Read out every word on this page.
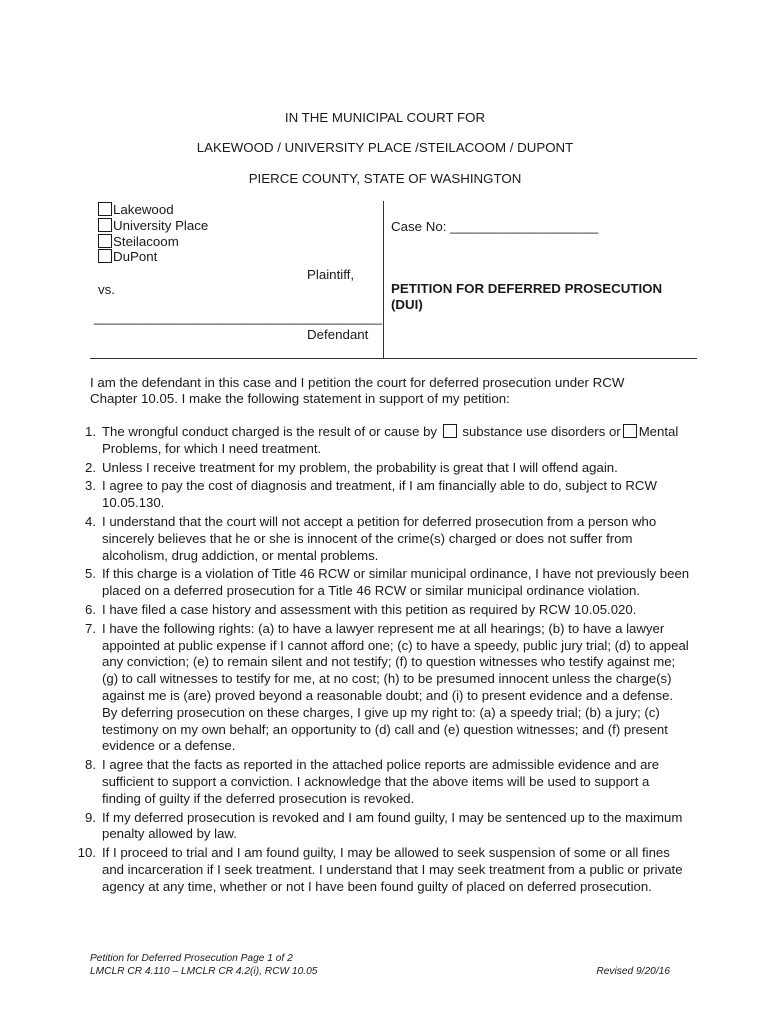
IN THE MUNICIPAL COURT FOR
LAKEWOOD / UNIVERSITY PLACE /STEILACOOM / DUPONT
PIERCE COUNTY, STATE OF WASHINGTON
Lakewood
University Place
Steilacoom
DuPont
Plaintiff,
vs.
________________________________________
Defendant
Case No: ____________________
PETITION FOR DEFERRED PROSECUTION
(DUI)
I am the defendant in this case and I petition the court for deferred prosecution under RCW
Chapter 10.05. I make the following statement in support of my petition:
1. The wrongful conduct charged is the result of or cause by substance use disorders or Mental Problems, for which I need treatment.
2. Unless I receive treatment for my problem, the probability is great that I will offend again.
3. I agree to pay the cost of diagnosis and treatment, if I am financially able to do, subject to RCW 10.05.130.
4. I understand that the court will not accept a petition for deferred prosecution from a person who sincerely believes that he or she is innocent of the crime(s) charged or does not suffer from alcoholism, drug addiction, or mental problems.
5. If this charge is a violation of Title 46 RCW or similar municipal ordinance, I have not previously been placed on a deferred prosecution for a Title 46 RCW or similar municipal ordinance violation.
6. I have filed a case history and assessment with this petition as required by RCW 10.05.020.
7. I have the following rights: (a) to have a lawyer represent me at all hearings; (b) to have a lawyer appointed at public expense if I cannot afford one; (c) to have a speedy, public jury trial; (d) to appeal any conviction; (e) to remain silent and not testify; (f) to question witnesses who testify against me; (g) to call witnesses to testify for me, at no cost; (h) to be presumed innocent unless the charge(s) against me is (are) proved beyond a reasonable doubt; and (i) to present evidence and a defense. By deferring prosecution on these charges, I give up my right to: (a) a speedy trial; (b) a jury; (c) testimony on my own behalf; an opportunity to (d) call and (e) question witnesses; and (f) present evidence or a defense.
8. I agree that the facts as reported in the attached police reports are admissible evidence and are sufficient to support a conviction. I acknowledge that the above items will be used to support a finding of guilty if the deferred prosecution is revoked.
9. If my deferred prosecution is revoked and I am found guilty, I may be sentenced up to the maximum penalty allowed by law.
10. If I proceed to trial and I am found guilty, I may be allowed to seek suspension of some or all fines and incarceration if I seek treatment. I understand that I may seek treatment from a public or private agency at any time, whether or not I have been found guilty of placed on deferred prosecution.
Petition for Deferred Prosecution Page 1 of 2
LMCLR CR 4.110 – LMCLR CR 4.2(i), RCW 10.05	Revised 9/20/16
